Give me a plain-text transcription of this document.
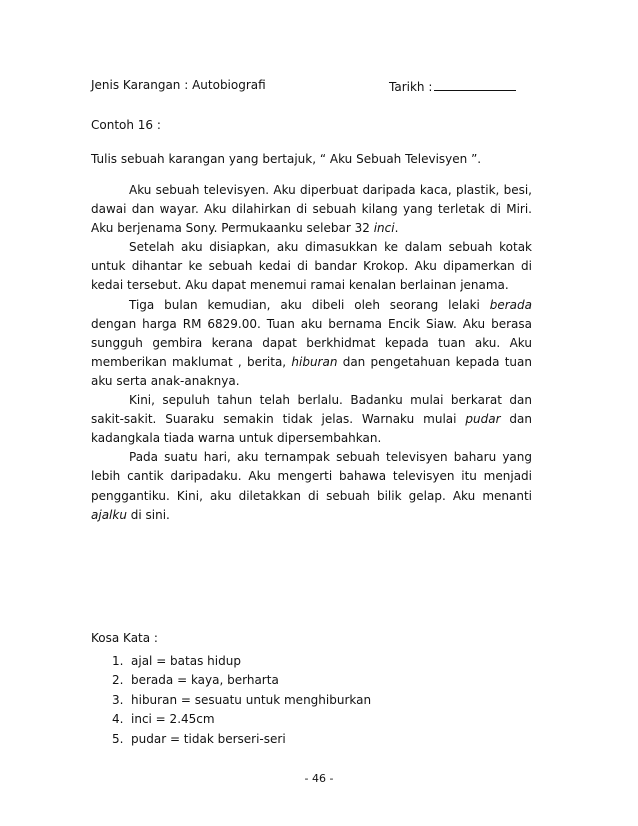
Jenis Karangan : Autobiografi	Tarikh :
Contoh 16 :
Tulis sebuah karangan yang bertajuk, “ Aku Sebuah Televisyen ”.

Aku sebuah televisyen. Aku diperbuat daripada kaca, plastik, besi, dawai dan wayar. Aku dilahirkan di sebuah kilang yang terletak di Miri. Aku berjenama Sony. Permukaanku selebar 32 inci.

Setelah aku disiapkan, aku dimasukkan ke dalam sebuah kotak untuk dihantar ke sebuah kedai di bandar Krokop. Aku dipamerkan di kedai tersebut. Aku dapat menemui ramai kenalan berlainan jenama.

Tiga bulan kemudian, aku dibeli oleh seorang lelaki berada dengan harga RM 6829.00. Tuan aku bernama Encik Siaw. Aku berasa sungguh gembira kerana dapat berkhidmat kepada tuan aku. Aku memberikan maklumat , berita, hiburan dan pengetahuan kepada tuan aku serta anak-anaknya.

Kini, sepuluh tahun telah berlalu. Badanku mulai berkarat dan sakit-sakit. Suaraku semakin tidak jelas. Warnaku mulai pudar dan kadangkala tiada warna untuk dipersembahkan.

Pada suatu hari, aku ternampak sebuah televisyen baharu yang lebih cantik daripadaku. Aku mengerti bahawa televisyen itu menjadi penggantiku. Kini, aku diletakkan di sebuah bilik gelap. Aku menanti ajalku di sini.

Kosa Kata :
1. ajal = batas hidup
2. berada = kaya, berharta
3. hiburan = sesuatu untuk menghiburkan
4. inci = 2.45cm
5. pudar = tidak berseri-seri
- 46 -
